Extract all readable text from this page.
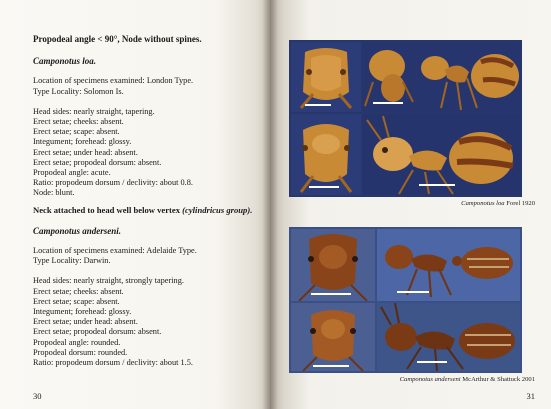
Propodeal angle < 90°, Node without spines.
Camponotus loa.
Location of specimens examined: London Type.
Type Locality: Solomon Is.
Head sides: nearly straight, tapering.
Erect setae; cheeks: absent.
Erect setae; scape: absent.
Integument; forehead: glossy.
Erect setae; under head: absent.
Erect setae; propodeal dorsum: absent.
Propodeal angle: acute.
Ratio: propodeum dorsum / declivity: about 0.8.
Node: blunt.
Neck attached to head well below vertex (cylindricus group).
Camponotus anderseni.
Location of specimens examined: Adelaide Type.
Type Locality: Darwin.
Head sides: nearly straight, strongly tapering.
Erect setae; cheeks: absent.
Erect setae; scape: absent.
Integument; forehead: glossy.
Erect setae; under head: absent.
Erect setae; propodeal dorsum: absent.
Propodeal angle: rounded.
Propodeal dorsum: rounded.
Ratio: propodeum dorsum / declivity: about 1.5.
30
Camponotus loa Forel 1920
Camponotus anderseni McArthur & Shattuck 2001
31
